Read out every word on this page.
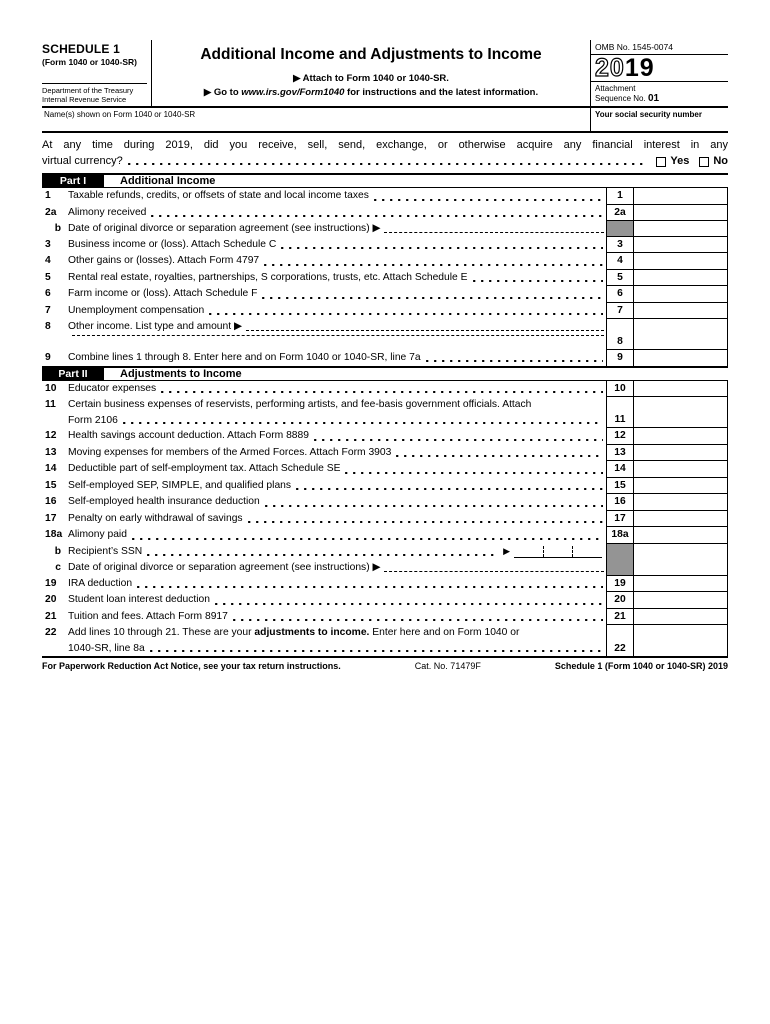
SCHEDULE 1
(Form 1040 or 1040-SR)
Department of the Treasury
Internal Revenue Service
Additional Income and Adjustments to Income
▶ Attach to Form 1040 or 1040-SR.
▶ Go to www.irs.gov/Form1040 for instructions and the latest information.
OMB No. 1545-0074
2019
Attachment
Sequence No. 01
Name(s) shown on Form 1040 or 1040-SR	Your social security number
At any time during 2019, did you receive, sell, send, exchange, or otherwise acquire any financial interest in any
virtual currency?	Yes No
Part I	Additional Income
1	Taxable refunds, credits, or offsets of state and local income taxes	1
2a	Alimony received	2a
b Date of original divorce or separation agreement (see instructions) ▶
3	Business income or (loss). Attach Schedule C	3
4	Other gains or (losses). Attach Form 4797	4
5	Rental real estate, royalties, partnerships, S corporations, trusts, etc. Attach Schedule E	5
6	Farm income or (loss). Attach Schedule F	6
7	Unemployment compensation	7
8	Other income. List type and amount ▶
8
9	Combine lines 1 through 8. Enter here and on Form 1040 or 1040-SR, line 7a	9
Part II	Adjustments to Income
10	Educator expenses	10
11	Certain business expenses of reservists, performing artists, and fee-basis government officials. Attach
Form 2106	11
12	Health savings account deduction. Attach Form 8889	12
13	Moving expenses for members of the Armed Forces. Attach Form 3903	13
14	Deductible part of self-employment tax. Attach Schedule SE	14
15	Self-employed SEP, SIMPLE, and qualified plans	15
16	Self-employed health insurance deduction	16
17	Penalty on early withdrawal of savings	17
18a Alimony paid	18a
b Recipient’s SSN	▶
c Date of original divorce or separation agreement (see instructions) ▶
19	IRA deduction	19
20	Student loan interest deduction	20
21	Tuition and fees. Attach Form 8917	21
22	Add lines 10 through 21. These are your adjustments to income. Enter here and on Form 1040 or
1040-SR, line 8a	22
For Paperwork Reduction Act Notice, see your tax return instructions.	Cat. No. 71479F	Schedule 1 (Form 1040 or 1040-SR) 2019
